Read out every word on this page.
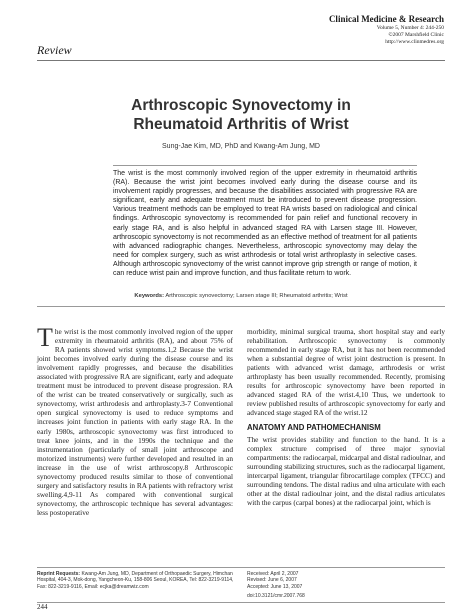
Clinical Medicine & Research
Volume 5, Number 4: 244-250
©2007 Marshfield Clinic
http://www.clinmedres.org
Review
Arthroscopic Synovectomy in
Rheumatoid Arthritis of Wrist
Sung-Jae Kim, MD, PhD and Kwang-Am Jung, MD
The wrist is the most commonly involved region of the upper extremity in rheumatoid arthritis (RA). Because the wrist joint becomes involved early during the disease course and its involvement rapidly progresses, and because the disabilities associated with progressive RA are significant, early and adequate treatment must be introduced to prevent disease progression. Various treatment methods can be employed to treat RA wrists based on radiological and clinical findings. Arthroscopic synovectomy is recommended for pain relief and functional recovery in early stage RA, and is also helpful in advanced staged RA with Larsen stage III. However, arthroscopic synovectomy is not recommended as an effective method of treatment for all patients with advanced radiographic changes. Nevertheless, arthroscopic synovectomy may delay the need for complex surgery, such as wrist arthrodesis or total wrist arthroplasty in selective cases. Although arthroscopic synovectomy of the wrist cannot improve grip strength or range of motion, it can reduce wrist pain and improve function, and thus facilitate return to work.
Keywords: Arthroscopic synovectomy; Larsen stage III; Rheumatoid arthritis; Wrist
T he wrist is the most commonly involved region of the upper extremity in rheumatoid arthritis (RA), and about 75% of RA patients showed wrist symptoms.1,2 Because the wrist joint becomes involved early during the disease course and its involvement rapidly progresses, and because the disabilities associated with progressive RA are significant, early and adequate treatment must be introduced to prevent disease progression. RA of the wrist can be treated conservatively or surgically, such as synovectomy, wrist arthrodesis and arthroplasty.3-7 Conventional open surgical synovectomy is used to reduce symptoms and increases joint function in patients with early stage RA. In the early 1980s, arthroscopic synovectomy was first introduced to treat knee joints, and in the 1990s the technique and the instrumentation (particularly of small joint arthroscope and motorized instruments) were further developed and resulted in an increase in the use of wrist arthroscopy.8 Arthroscopic synovectomy produced results similar to those of conventional surgery and satisfactory results in RA patients with refractory wrist swelling.4,9-11 As compared with conventional surgical synovectomy, the arthroscopic technique has several advantages: less postoperative

morbidity, minimal surgical trauma, short hospital stay and early rehabilitation. Arthroscopic synovectomy is commonly recommended in early stage RA, but it has not been recommended when a substantial degree of wrist joint destruction is present. In patients with advanced wrist damage, arthrodesis or wrist arthroplasty has been usually recommended. Recently, promising results for arthroscopic synovectomy have been reported in advanced staged RA of the wrist.4,10 Thus, we undertook to review published results of arthroscopic synovectomy for early and advanced stage staged RA of the wrist.12

ANATOMY AND PATHOMECHANISM

The wrist provides stability and function to the hand. It is a complex structure comprised of three major synovial compartments: the radiocarpal, midcarpal and distal radioulnar, and surrounding stabilizing structures, such as the radiocarpal ligament, intercarpal ligament, triangular fibrocartilage complex (TFCC) and surrounding tendons. The distal radius and ulna articulate with each other at the distal radioulnar joint, and the distal radius articulates with the carpus (carpal bones) at the radiocarpal joint, which is

Reprint Requests: Kwang-Am Jung, MD, Department of Orthopaedic Surgery, Himchan Hospital, 404-3, Mok-dong, Yangcheon-Ku, 158-806 Seoul, KOREA, Tel: 822-3219-9114, Fax: 822-3219-9116, Email: ecjka@dreamwiz.com
Received: April 2, 2007
Revised: June 6, 2007
Accepted: June 13, 2007
doi:10.3121/cmr.2007.768
244
